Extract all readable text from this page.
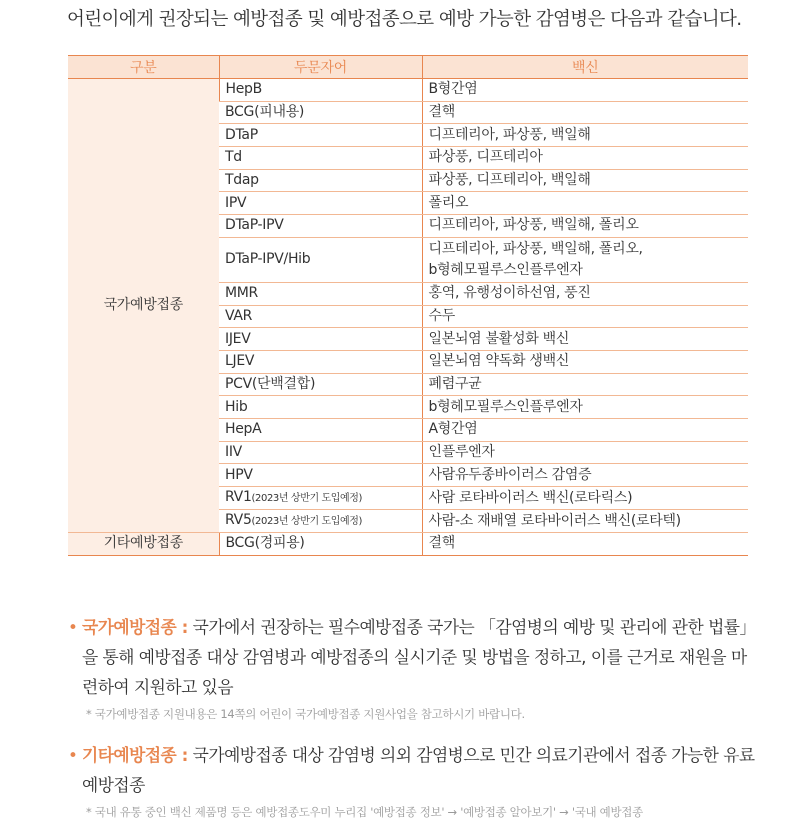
어린이에게 권장되는 예방접종 및 예방접종으로 예방 가능한 감염병은 다음과 같습니다.
구분	두문자어	백신
국가예방접종	HepB	B형간염

	BCG(피내용)	결핵

	DTaP	디프테리아, 파상풍, 백일해

	Td	파상풍, 디프테리아

	Tdap	파상풍, 디프테리아, 백일해

	IPV	폴리오

	DTaP-IPV	디프테리아, 파상풍, 백일해, 폴리오

	DTaP-IPV/Hib	디프테리아, 파상풍, 백일해, 폴리오,
b형헤모필루스인플루엔자

	MMR	홍역, 유행성이하선염, 풍진

	VAR	수두

	IJEV	일본뇌염 불활성화 백신

	LJEV	일본뇌염 약독화 생백신

	PCV(단백결합)	폐렴구균

	Hib	b형헤모필루스인플루엔자

	HepA	A형간염

	IIV	인플루엔자

	HPV	사람유두종바이러스 감염증

	RV1(2023년 상반기 도입예정)	사람 로타바이러스 백신(로타릭스)

	RV5(2023년 상반기 도입예정)	사람-소 재배열 로타바이러스 백신(로타텍)

기타예방접종	BCG(경피용)	결핵
• 국가예방접종 : 국가에서 권장하는 필수예방접종 국가는 「감염병의 예방 및 관리에 관한 법률」을 통해 예방접종 대상 감염병과 예방접종의 실시기준 및 방법을 정하고, 이를 근거로 재원을 마련하여 지원하고 있음
* 국가예방접종 지원내용은 14쪽의 어린이 국가예방접종 지원사업을 참고하시기 바랍니다.
• 기타예방접종 : 국가예방접종 대상 감염병 의외 감염병으로 민간 의료기관에서 접종 가능한 유료 예방접종
* 국내 유통 중인 백신 제품명 등은 예방접종도우미 누리집 '예방접종 정보' → '예방접종 알아보기' → '국내 예방접종
